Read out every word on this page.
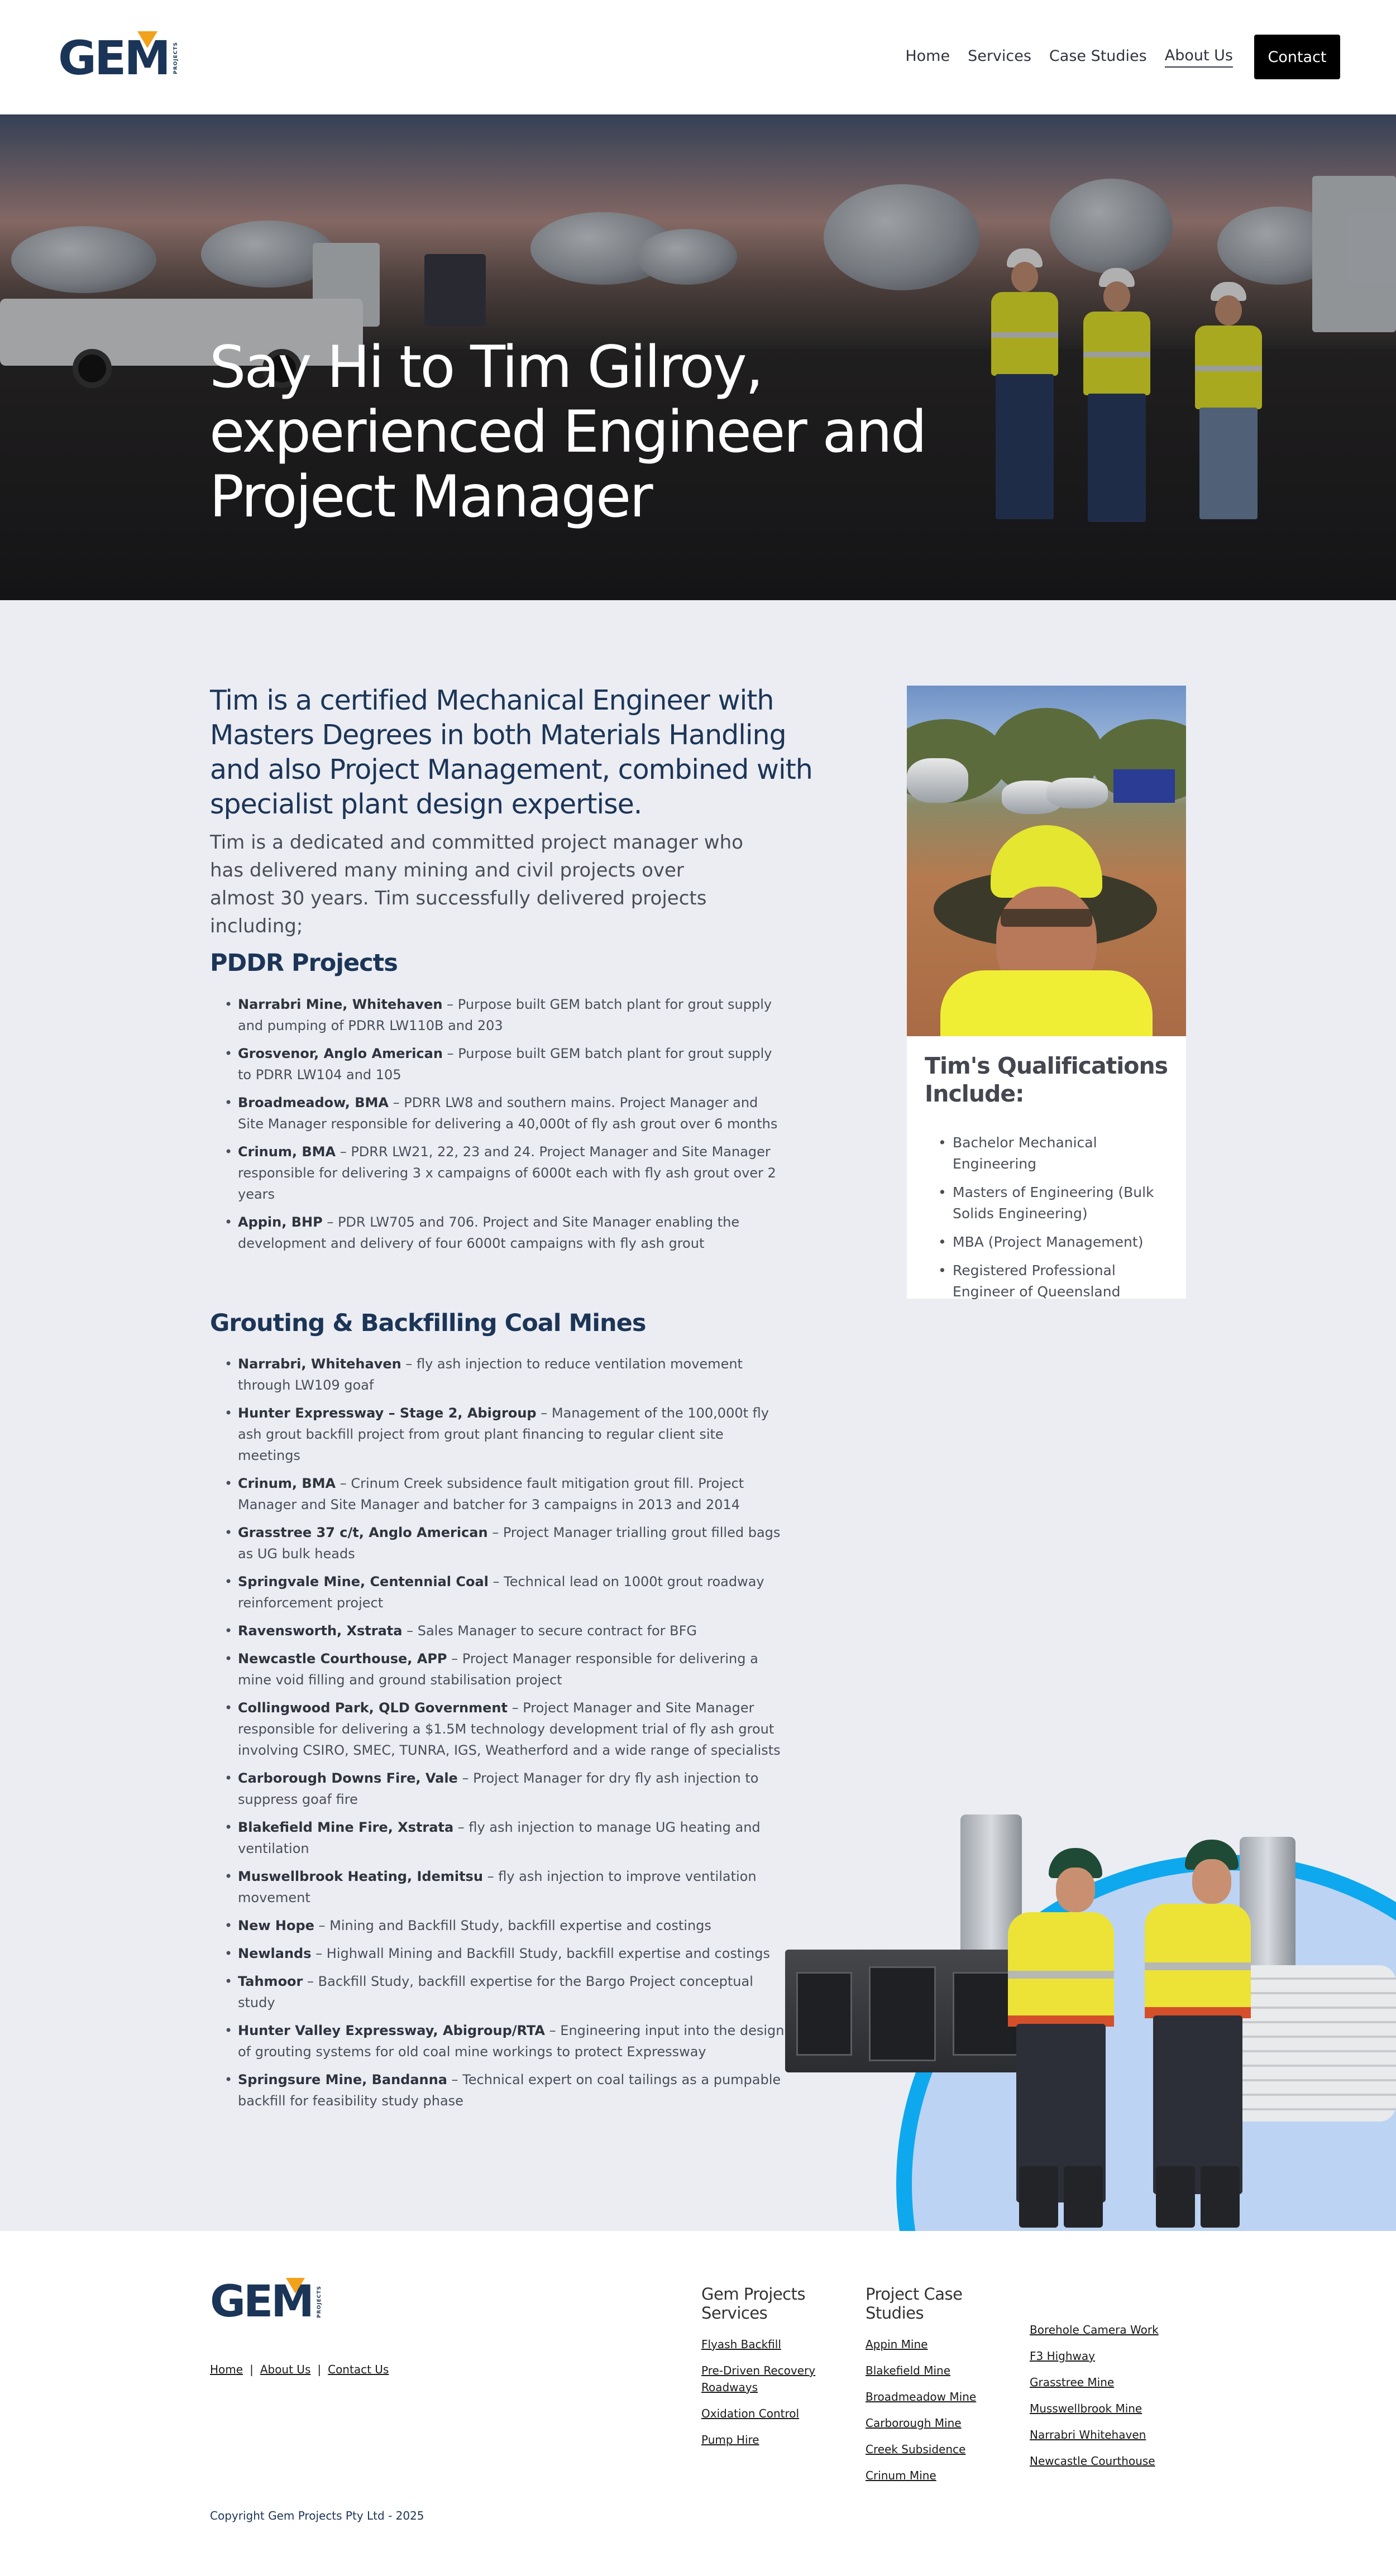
GEM PROJECTS	Home Services Case Studies About Us	Contact
Say Hi to Tim Gilroy, experienced Engineer and Project Manager

Tim is a certified Mechanical Engineer with Masters Degrees in both Materials Handling and also Project Management, combined with specialist plant design expertise.

Tim is a dedicated and committed project manager who has delivered many mining and civil projects over almost 30 years. Tim successfully delivered projects including;

PDDR Projects
• Narrabri Mine, Whitehaven – Purpose built GEM batch plant for grout supply and pumping of PDRR LW110B and 203
• Grosvenor, Anglo American – Purpose built GEM batch plant for grout supply to PDRR LW104 and 105
• Broadmeadow, BMA – PDRR LW8 and southern mains. Project Manager and Site Manager responsible for delivering a 40,000t of fly ash grout over 6 months
• Crinum, BMA – PDRR LW21, 22, 23 and 24. Project Manager and Site Manager responsible for delivering 3 x campaigns of 6000t each with fly ash grout over 2 years
• Appin, BHP – PDR LW705 and 706. Project and Site Manager enabling the development and delivery of four 6000t campaigns with fly ash grout
Grouting & Backfilling Coal Mines
• Narrabri, Whitehaven – fly ash injection to reduce ventilation movement through LW109 goaf
• Hunter Expressway – Stage 2, Abigroup – Management of the 100,000t fly ash grout backfill project from grout plant financing to regular client site meetings
• Crinum, BMA – Crinum Creek subsidence fault mitigation grout fill. Project Manager and Site Manager and batcher for 3 campaigns in 2013 and 2014
• Grasstree 37 c/t, Anglo American – Project Manager trialling grout filled bags as UG bulk heads
• Springvale Mine, Centennial Coal – Technical lead on 1000t grout roadway reinforcement project
• Ravensworth, Xstrata – Sales Manager to secure contract for BFG
• Newcastle Courthouse, APP – Project Manager responsible for delivering a mine void filling and ground stabilisation project
• Collingwood Park, QLD Government – Project Manager and Site Manager responsible for delivering a $1.5M technology development trial of fly ash grout involving CSIRO, SMEC, TUNRA, IGS, Weatherford and a wide range of specialists
• Carborough Downs Fire, Vale – Project Manager for dry fly ash injection to suppress goaf fire
• Blakefield Mine Fire, Xstrata – fly ash injection to manage UG heating and ventilation
• Muswellbrook Heating, Idemitsu – fly ash injection to improve ventilation movement
• New Hope – Mining and Backfill Study, backfill expertise and costings
• Newlands – Highwall Mining and Backfill Study, backfill expertise and costings
• Tahmoor – Backfill Study, backfill expertise for the Bargo Project conceptual study
• Hunter Valley Expressway, Abigroup/RTA – Engineering input into the design of grouting systems for old coal mine workings to protect Expressway
• Springsure Mine, Bandanna – Technical expert on coal tailings as a pumpable backfill for feasibility study phase
Tim's Qualifications Include:
• Bachelor Mechanical Engineering
• Masters of Engineering (Bulk Solids Engineering)
• MBA (Project Management)
• Registered Professional Engineer of Queensland
GEM PROJECTS
Home | About Us | Contact Us
Gem Projects Services
Flyash Backfill
Pre-Driven Recovery Roadways
Oxidation Control
Pump Hire
Project Case Studies
Appin Mine
Blakefield Mine
Broadmeadow Mine
Carborough Mine
Creek Subsidence
Crinum Mine
Borehole Camera Work
F3 Highway
Grasstree Mine
Musswellbrook Mine
Narrabri Whitehaven
Newcastle Courthouse
Copyright Gem Projects Pty Ltd - 2025
